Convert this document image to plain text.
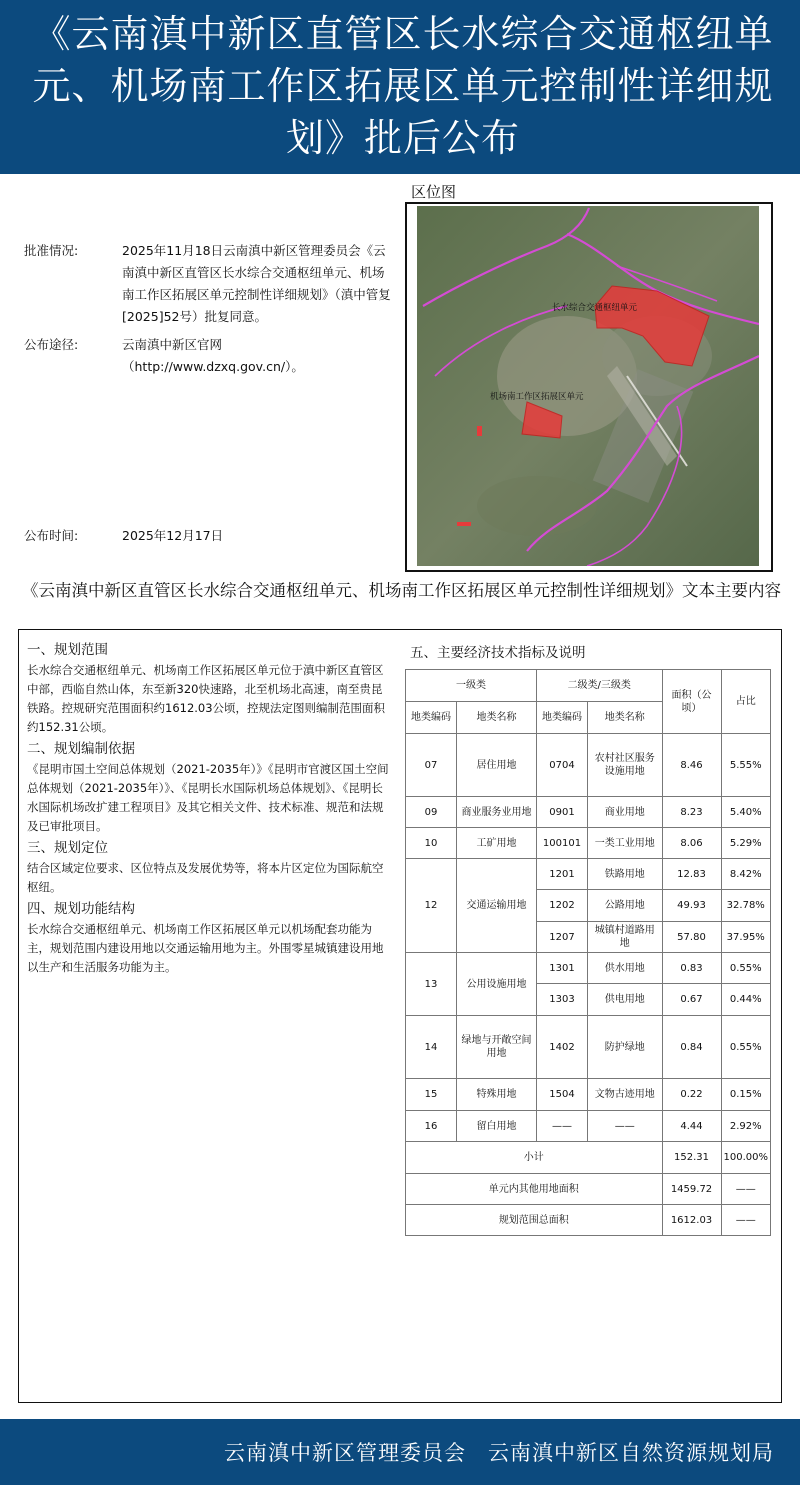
《云南滇中新区直管区长水综合交通枢纽单元、机场南工作区拓展区单元控制性详细规划》批后公布
批准情况:	2025年11月18日云南滇中新区管理委员会《云南滇中新区直管区长水综合交通枢纽单元、机场南工作区拓展区单元控制性详细规划》（滇中管复[2025]52号）批复同意。
公布途径:	云南滇中新区官网（http://www.dzxq.gov.cn/）。
公布时间:	2025年12月17日
区位图
长水综合交通枢纽单元
机场南工作区拓展区单元
《云南滇中新区直管区长水综合交通枢纽单元、机场南工作区拓展区单元控制性详细规划》文本主要内容
一、规划范围
长水综合交通枢纽单元、机场南工作区拓展区单元位于滇中新区直管区中部，西临自然山体，东至新320快速路，北至机场北高速，南至贵昆铁路。控规研究范围面积约1612.03公顷，控规法定图则编制范围面积约152.31公顷。
二、规划编制依据
《昆明市国土空间总体规划（2021-2035年）》《昆明市官渡区国土空间总体规划（2021-2035年）》、《昆明长水国际机场总体规划》、《昆明长水国际机场改扩建工程项目》及其它相关文件、技术标准、规范和法规及已审批项目。
三、规划定位
结合区域定位要求、区位特点及发展优势等，将本片区定位为国际航空枢纽。
四、规划功能结构
长水综合交通枢纽单元、机场南工作区拓展区单元以机场配套功能为主，规划范围内建设用地以交通运输用地为主。外围零星城镇建设用地以生产和生活服务功能为主。
五、主要经济技术指标及说明
一级类		二级类/三级类		面积（公顷）	占比
地类编码	地类名称	地类编码	地类名称		
07	居住用地	0704	农村社区服务设施用地	8.46	5.55%
09	商业服务业用地	0901	商业用地	8.23	5.40%
10	工矿用地	100101	一类工业用地	8.06	5.29%
12	交通运输用地	1201	铁路用地	12.83	8.42%
		1202	公路用地	49.93	32.78%
		1207	城镇村道路用地	57.80	37.95%
13	公用设施用地	1301	供水用地	0.83	0.55%
		1303	供电用地	0.67	0.44%
14	绿地与开敞空间用地	1402	防护绿地	0.84	0.55%
15	特殊用地	1504	文物古迹用地	0.22	0.15%
16	留白用地	——	——	4.44	2.92%
小计				152.31	100.00%
单元内其他用地面积				1459.72	——
规划范围总面积				1612.03	——
云南滇中新区管理委员会　云南滇中新区自然资源规划局
